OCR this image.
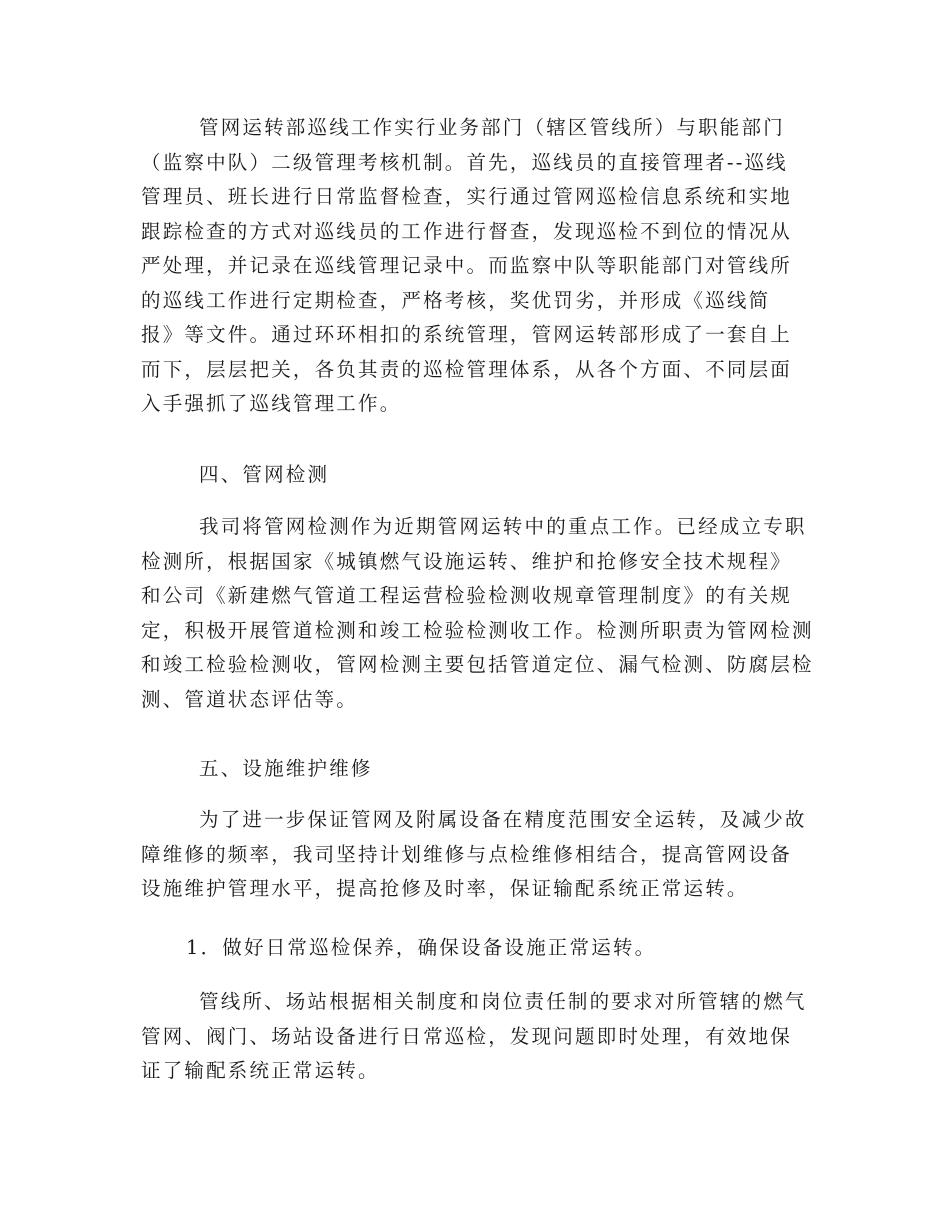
管网运转部巡线工作实行业务部门（辖区管线所）与职能部门
（监察中队）二级管理考核机制。首先，巡线员的直接管理者--巡线
管理员、班长进行日常监督检查，实行通过管网巡检信息系统和实地
跟踪检查的方式对巡线员的工作进行督查，发现巡检不到位的情况从
严处理，并记录在巡线管理记录中。而监察中队等职能部门对管线所
的巡线工作进行定期检查，严格考核，奖优罚劣，并形成《巡线简
报》等文件。通过环环相扣的系统管理，管网运转部形成了一套自上
而下，层层把关，各负其责的巡检管理体系，从各个方面、不同层面
入手强抓了巡线管理工作。
四、管网检测
我司将管网检测作为近期管网运转中的重点工作。已经成立专职
检测所，根据国家《城镇燃气设施运转、维护和抢修安全技术规程》
和公司《新建燃气管道工程运营检验检测收规章管理制度》的有关规
定，积极开展管道检测和竣工检验检测收工作。检测所职责为管网检测
和竣工检验检测收，管网检测主要包括管道定位、漏气检测、防腐层检
测、管道状态评估等。
五、设施维护维修
为了进一步保证管网及附属设备在精度范围安全运转，及减少故
障维修的频率，我司坚持计划维修与点检维修相结合，提高管网设备
设施维护管理水平，提高抢修及时率，保证输配系统正常运转。
1．做好日常巡检保养，确保设备设施正常运转。
管线所、场站根据相关制度和岗位责任制的要求对所管辖的燃气
管网、阀门、场站设备进行日常巡检，发现问题即时处理，有效地保
证了输配系统正常运转。
